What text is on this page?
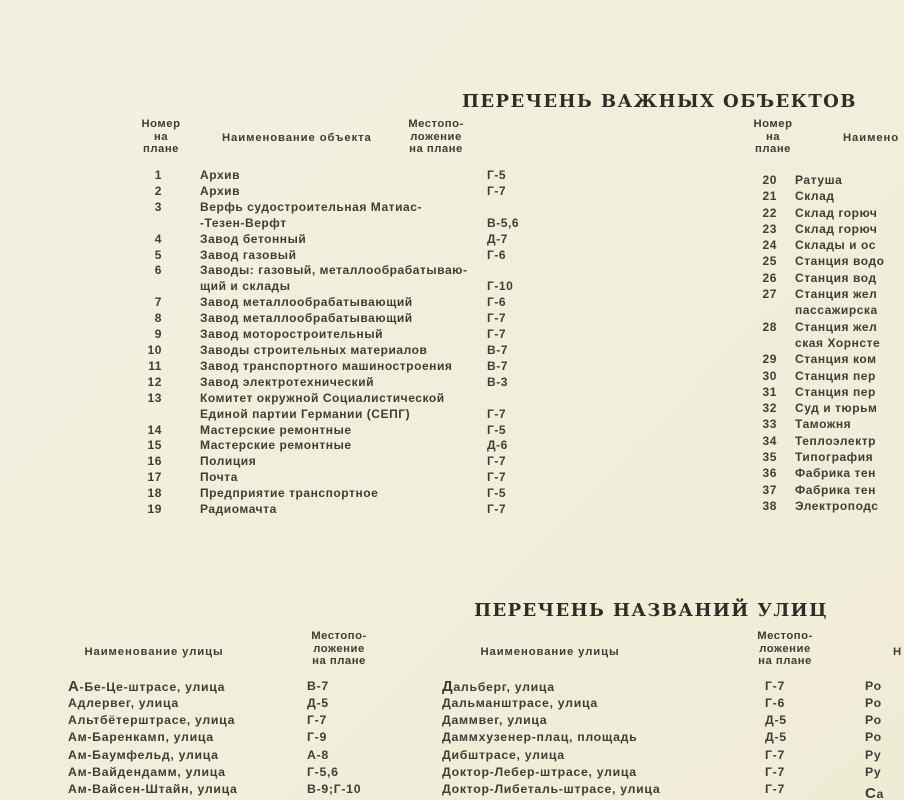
ПЕРЕЧЕНЬ ВАЖНЫХ ОБЪЕКТОВ
Номер
на
плане
Наименование объекта
Местопо-
ложение
на плане
1	Архив	Г-5
2	Архив	Г-7
3	Верфь судостроительная Матиас-
-Тезен-Верфт	В-5,6
4	Завод бетонный	Д-7
5	Завод газовый	Г-6
6	Заводы: газовый, металлообрабатываю-
щий и склады	Г-10
7	Завод металлообрабатывающий	Г-6
8	Завод металлообрабатывающий	Г-7
9	Завод моторостроительный	Г-7
10	Заводы строительных материалов	В-7
11	Завод транспортного машиностроения	В-7
12	Завод электротехнический	В-3
13	Комитет окружной Социалистической
Единой партии Германии (СЕПГ)	Г-7
14	Мастерские ремонтные	Г-5
15	Мастерские ремонтные	Д-6
16	Полиция	Г-7
17	Почта	Г-7
18	Предприятие транспортное	Г-5
19	Радиомачта	Г-7
Номер
на
плане
Наимено
20 Ратуша
21 Склад
22 Склад горюч
23 Склад горюч
24 Склады и ос
25 Станция водо
26 Станция вод
27 Станция жел
пассажирска
28 Станция жел
ская Хорнсте
29 Станция ком
30 Станция пер
31 Станция пер
32 Суд и тюрьм
33 Таможня
34 Теплоэлектр
35 Типография
36 Фабрика тен
37 Фабрика тен
38 Электроподс
ПЕРЕЧЕНЬ НАЗВАНИЙ УЛИЦ
Наименование улицы
Местопо-
ложение
на плане
А-Бе-Це-штрасе, улица	В-7
Адлервег, улица	Д-5
Альтбётерштрасе, улица	Г-7
Ам-Баренкамп, улица	Г-9
Ам-Баумфельд, улица	А-8
Ам-Вайдендамм, улица	Г-5,6
Ам-Вайсен-Штайн, улица	В-9;Г-10
Наименование улицы
Местопо-
ложение
на плане
Дальберг, улица	Г-7
Дальманштрасе, улица	Г-6
Даммвег, улица	Д-5
Даммхузенер-плац, площадь	Д-5
Дибштрасе, улица	Г-7
Доктор-Лебер-штрасе, улица	Г-7
Доктор-Либеталь-штрасе, улица	Г-7
Н
Ро
Ро
Ро
Ро
Ру
Ру
Са
